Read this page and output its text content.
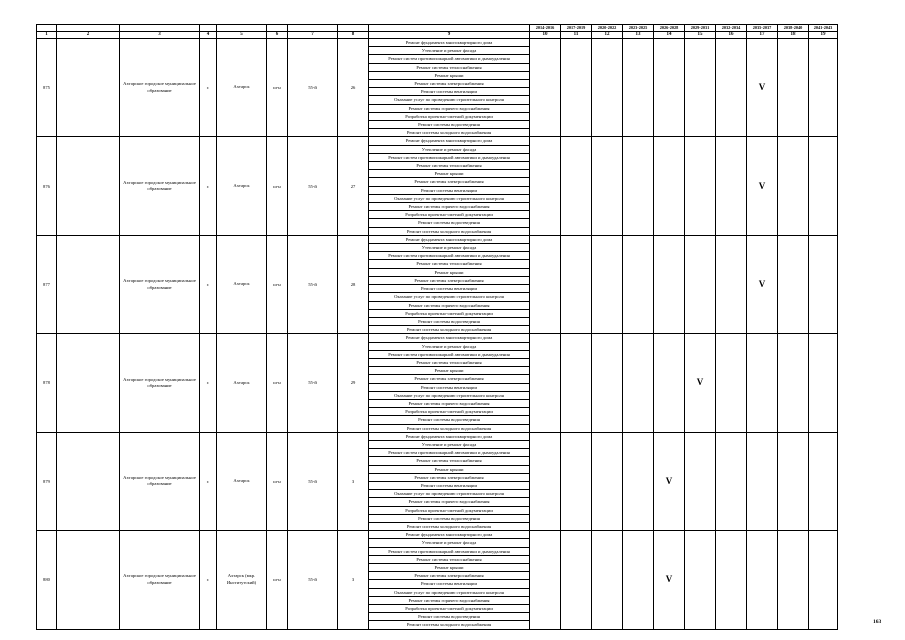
									2014-2016	2017-2019	2020-2022	2023-2025	2026-2028	2029-2031	2032-2034	2035-2037	2038-2040	2041-2043
1	2	3	4	5	6	7	8	9	10	11	12	13	14	15	16	17	18	19
875		Ахтарское городское муниципальное образование	г.	Ахтарск	ш-н	55-й	26	Ремонт фундамента многоквартирного дома								V		
								Утепление и ремонт фасада										
								Ремонт систем противопожарной автоматики и дымоудаления										
								Ремонт системы теплоснабжения										
								Ремонт крыши										
								Ремонт системы электроснабжения										
								Ремонт системы вентиляции										
								Оказание услуг по проведению строительного контроля										
								Ремонт системы горячего водоснабжения										
								Разработка проектно-сметной документации										
								Ремонт системы водоотведения										
								Ремонт системы холодного водоснабжения										
876		Ахтарское городское муниципальное образование	г.	Ахтарск	ш-н	55-й	27	Ремонт фундамента многоквартирного дома								V		
								Утепление и ремонт фасада										
								Ремонт систем противопожарной автоматики и дымоудаления										
								Ремонт системы теплоснабжения										
								Ремонт крыши										
								Ремонт системы электроснабжения										
								Ремонт системы вентиляции										
								Оказание услуг по проведению строительного контроля										
								Ремонт системы горячего водоснабжения										
								Разработка проектно-сметной документации										
								Ремонт системы водоотведения										
								Ремонт системы холодного водоснабжения										
877		Ахтарское городское муниципальное образование	г.	Ахтарск	ш-н	55-й	28	Ремонт фундамента многоквартирного дома								V		
								Утепление и ремонт фасада										
								Ремонт систем противопожарной автоматики и дымоудаления										
								Ремонт системы теплоснабжения										
								Ремонт крыши										
								Ремонт системы электроснабжения										
								Ремонт системы вентиляции										
								Оказание услуг по проведению строительного контроля										
								Ремонт системы горячего водоснабжения										
								Разработка проектно-сметной документации										
								Ремонт системы водоотведения										
								Ремонт системы холодного водоснабжения										
878		Ахтарское городское муниципальное образование	г.	Ахтарск	ш-н	55-й	29	Ремонт фундамента многоквартирного дома						V				
								Утепление и ремонт фасада										
								Ремонт систем противопожарной автоматики и дымоудаления										
								Ремонт системы теплоснабжения										
								Ремонт крыши										
								Ремонт системы электроснабжения										
								Ремонт системы вентиляции										
								Оказание услуг по проведению строительного контроля										
								Ремонт системы горячего водоснабжения										
								Разработка проектно-сметной документации										
								Ремонт системы водоотведения										
								Ремонт системы холодного водоснабжения										
879		Ахтарское городское муниципальное образование	г.	Ахтарск	ш-н	55-й	3	Ремонт фундамента многоквартирного дома					V					
								Утепление и ремонт фасада										
								Ремонт систем противопожарной автоматики и дымоудаления										
								Ремонт системы теплоснабжения										
								Ремонт крыши										
								Ремонт системы электроснабжения										
								Ремонт системы вентиляции										
								Оказание услуг по проведению строительного контроля										
								Ремонт системы горячего водоснабжения										
								Разработка проектно-сметной документации										
								Ремонт системы водоотведения										
								Ремонт системы холодного водоснабжения										
880		Ахтарское городское муниципальное образование	г.	Ахтарск (мкр. Институтский)	ш-н	55-й	3	Ремонт фундамента многоквартирного дома					V					
								Утепление и ремонт фасада										
								Ремонт систем противопожарной автоматики и дымоудаления										
								Ремонт системы теплоснабжения										
								Ремонт крыши										
								Ремонт системы электроснабжения										
								Ремонт системы вентиляции										
								Оказание услуг по проведению строительного контроля										
								Ремонт системы горячего водоснабжения										
								Разработка проектно-сметной документации										
								Ремонт системы водоотведения										
								Ремонт системы холодного водоснабжения											163
